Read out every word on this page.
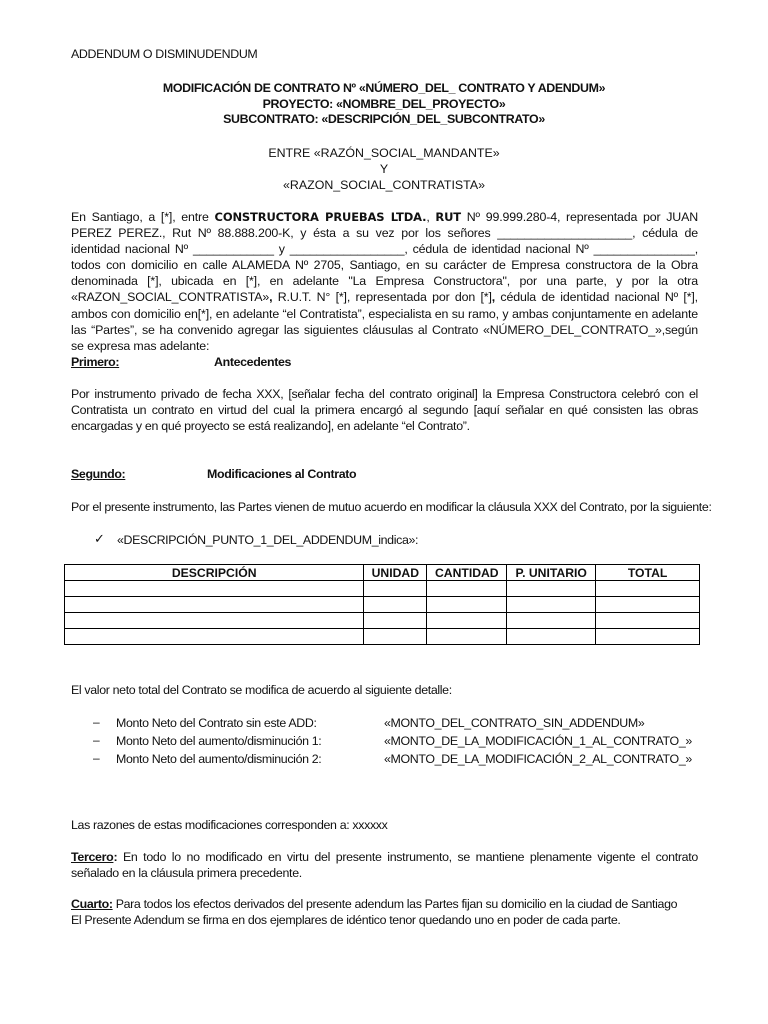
ADDENDUM O DISMINUDENDUM
MODIFICACIÓN DE CONTRATO Nº «NÚMERO_DEL_ CONTRATO Y ADENDUM»
PROYECTO: «NOMBRE_DEL_PROYECTO»
SUBCONTRATO: «DESCRIPCIÓN_DEL_SUBCONTRATO»
ENTRE «RAZÓN_SOCIAL_MANDANTE»
Y
«RAZON_SOCIAL_CONTRATISTA»
En Santiago, a [*], entre CONSTRUCTORA PRUEBAS LTDA., RUT Nº 99.999.280-4, representada por JUAN PEREZ PEREZ., Rut Nº 88.888.200-K, y ésta a su vez por los señores ____________________, cédula de identidad nacional Nº ____________ y _________________, cédula de identidad nacional Nº _______________, todos con domicilio en calle ALAMEDA Nº 2705, Santiago, en su carácter de Empresa constructora de la Obra denominada [*], ubicada en [*], en adelante "La Empresa Constructora", por una parte, y por la otra «RAZON_SOCIAL_CONTRATISTA», R.U.T. N° [*], representada por don [*], cédula de identidad nacional Nº [*], ambos con domicilio en[*], en adelante “el Contratista”, especialista en su ramo, y ambas conjuntamente en adelante las “Partes”, se ha convenido agregar las siguientes cláusulas al Contrato «NÚMERO_DEL_CONTRATO_»,según se expresa mas adelante:
Primero:	Antecedentes
Por instrumento privado de fecha XXX, [señalar fecha del contrato original] la Empresa Constructora celebró con el Contratista un contrato en virtud del cual la primera encargó al segundo [aquí señalar en qué consisten las obras encargadas y en qué proyecto se está realizando], en adelante “el Contrato”.
Segundo:	Modificaciones al Contrato
Por el presente instrumento, las Partes vienen de mutuo acuerdo en modificar la cláusula XXX del Contrato, por la siguiente:
✓ «DESCRIPCIÓN_PUNTO_1_DEL_ADDENDUM_indica»:
DESCRIPCIÓN	UNIDAD	CANTIDAD	P. UNITARIO	TOTAL

El valor neto total del Contrato se modifica de acuerdo al siguiente detalle:
– Monto Neto del Contrato sin este ADD:	«MONTO_DEL_CONTRATO_SIN_ADDENDUM»
– Monto Neto del aumento/disminución 1:	«MONTO_DE_LA_MODIFICACIÓN_1_AL_CONTRATO_»
– Monto Neto del aumento/disminución 2:	«MONTO_DE_LA_MODIFICACIÓN_2_AL_CONTRATO_»
Las razones de estas modificaciones corresponden a: xxxxxx
Tercero: En todo lo no modificado en virtu del presente instrumento, se mantiene plenamente vigente el contrato señalado en la cláusula primera precedente.
Cuarto: Para todos los efectos derivados del presente adendum las Partes fijan su domicilio en la ciudad de Santiago
El Presente Adendum se firma en dos ejemplares de idéntico tenor quedando uno en poder de cada parte.
